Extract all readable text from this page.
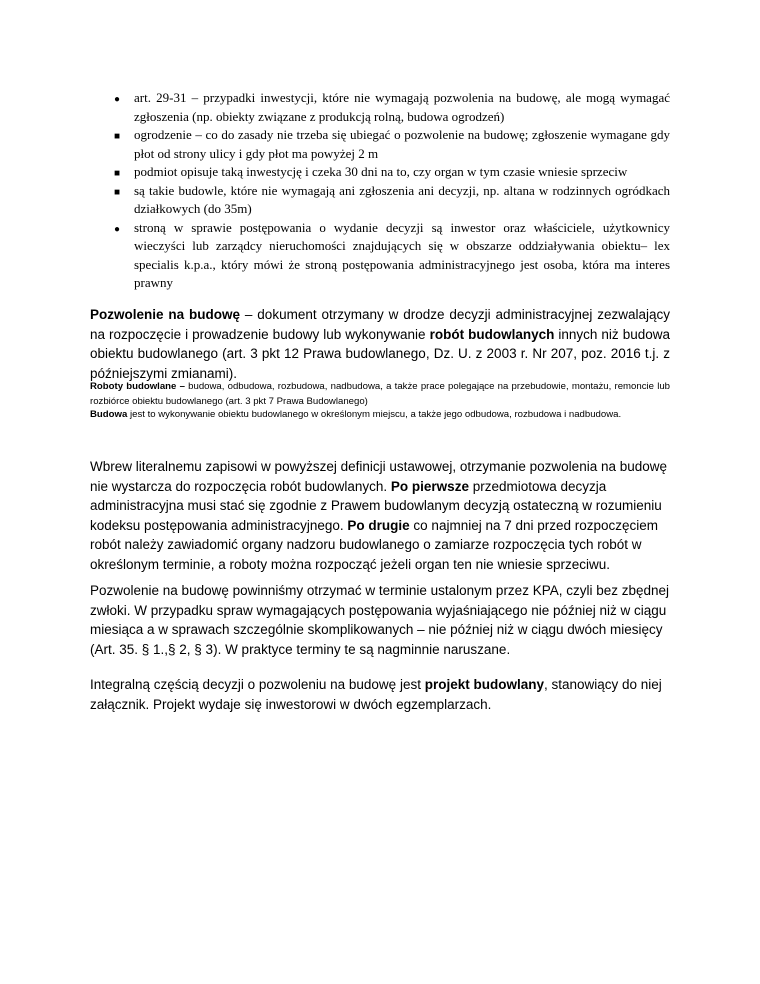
●
art. 29-31 – przypadki inwestycji, które nie wymagają pozwolenia na budowę, ale mogą wymagać zgłoszenia (np. obiekty związane z produkcją rolną, budowa ogrodzeń)
■
ogrodzenie – co do zasady nie trzeba się ubiegać o pozwolenie na budowę; zgłoszenie wymagane gdy płot od strony ulicy i gdy płot ma powyżej 2 m
■
podmiot opisuje taką inwestycję i czeka 30 dni na to, czy organ w tym czasie wniesie sprzeciw
■
są takie budowle, które nie wymagają ani zgłoszenia ani decyzji, np. altana w rodzinnych ogródkach działkowych (do 35m)
●
stroną w sprawie postępowania o wydanie decyzji są inwestor oraz właściciele, użytkownicy wieczyści lub zarządcy nieruchomości znajdujących się w obszarze oddziaływania obiektu– lex specialis k.p.a., który mówi że stroną postępowania administracyjnego jest osoba, która ma interes prawny

Pozwolenie na budowę – dokument otrzymany w drodze decyzji administracyjnej zezwalający na rozpoczęcie i prowadzenie budowy lub wykonywanie robót budowlanych innych niż budowa obiektu budowlanego (art. 3 pkt 12 Prawa budowlanego, Dz. U. z 2003 r. Nr 207, poz. 2016 t.j. z późniejszymi zmianami).

Roboty budowlane – budowa, odbudowa, rozbudowa, nadbudowa, a także prace polegające na przebudowie, montażu, remoncie lub rozbiórce obiektu budowlanego (art. 3 pkt 7 Prawa Budowlanego)

Budowa jest to wykonywanie obiektu budowlanego w określonym miejscu, a także jego odbudowa, rozbudowa i nadbudowa.

Wbrew literalnemu zapisowi w powyższej definicji ustawowej, otrzymanie pozwolenia na budowę nie wystarcza do rozpoczęcia robót budowlanych. Po pierwsze przedmiotowa decyzja administracyjna musi stać się zgodnie z Prawem budowlanym decyzją ostateczną w rozumieniu kodeksu postępowania administracyjnego. Po drugie co najmniej na 7 dni przed rozpoczęciem robót należy zawiadomić organy nadzoru budowlanego o zamiarze rozpoczęcia tych robót w określonym terminie, a roboty można rozpocząć jeżeli organ ten nie wniesie sprzeciwu.

Pozwolenie na budowę powinniśmy otrzymać w terminie ustalonym przez KPA, czyli bez zbędnej zwłoki. W przypadku spraw wymagających postępowania wyjaśniającego nie później niż w ciągu miesiąca a w sprawach szczególnie skomplikowanych – nie później niż w ciągu dwóch miesięcy (Art. 35. § 1.,§ 2, § 3). W praktyce terminy te są nagminnie naruszane.

Integralną częścią decyzji o pozwoleniu na budowę jest projekt budowlany, stanowiący do niej załącznik. Projekt wydaje się inwestorowi w dwóch egzemplarzach.
